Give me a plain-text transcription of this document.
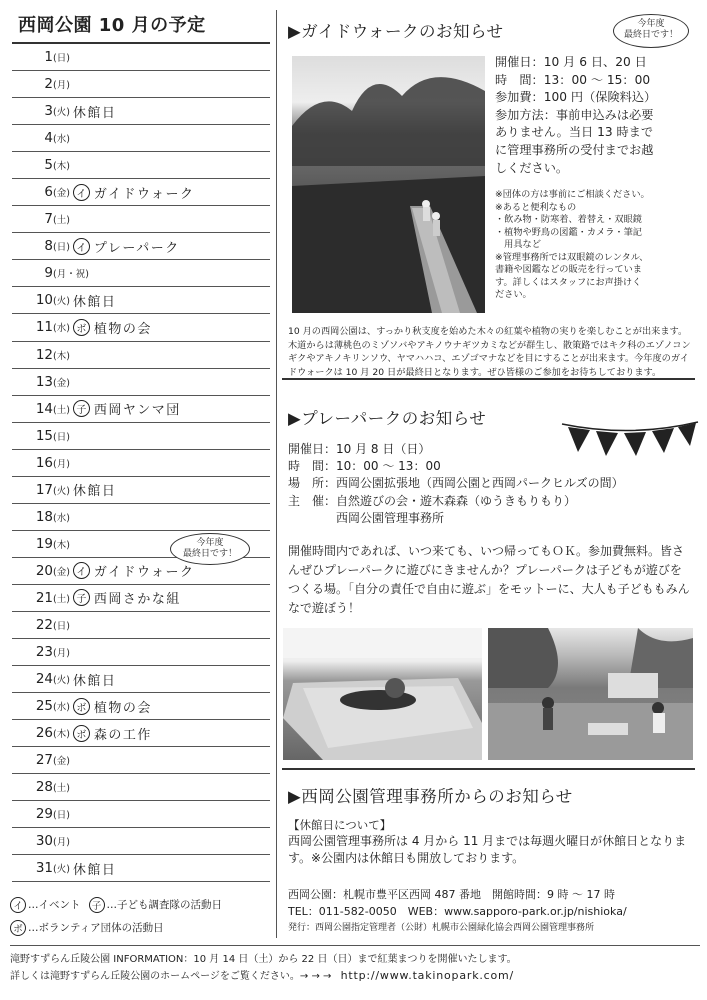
西岡公園 10 月の予定
1 (日)
2 (月)
3 (火) 休館日
4 (水)
5 (木)
6 (金) イ ガイドウォーク
7 (土)
8 (日) イ プレーパーク
9 (月・祝)
10 (火) 休館日
11 (水) ボ 植物の会
12 (木)
13 (金)
14 (土) 子 西岡ヤンマ団
15 (日)
16 (月)
17 (火) 休館日
18 (水)
19 (木)
20 (金) イ ガイドウォーク
21 (土) 子 西岡さかな組
22 (日)
23 (月)
24 (火) 休館日
25 (水) ボ 植物の会
26 (木) ボ 森の工作
27 (金)
28 (土)
29 (日)
30 (月)
31 (火) 休館日
今年度
最終日です！
イ …イベント	子 …子ども調査隊の活動日
ボ …ボランティア団体の活動日
▶ガイドウォークのお知らせ	今年度
最終日です！
開催日：10 月 6 日、20 日
時　間：13：00 〜 15：00
参加費：100 円（保険料込）
参加方法：事前申込みは必要
ありません。当日 13 時まで
に管理事務所の受付までお越
しください。
※団体の方は事前にご相談ください。
※あると便利なもの
・飲み物・防寒着、着替え・双眼鏡
・植物や野鳥の図鑑・カメラ・筆記
　用具など
※管理事務所では双眼鏡のレンタル、
書籍や図鑑などの販売を行っていま
す。詳しくはスタッフにお声掛けく
ださい。
10 月の西岡公園は、すっかり秋支度を始めた木々の紅葉や植物の実りを楽しむことが出来ます。木道からは薄桃色のミゾソバやアキノウナギツカミなどが群生し、散策路ではキク科のエゾノコンギクやアキノキリンソウ、ヤマハハコ、エゾゴマナなどを目にすることが出来ます。今年度のガイドウォークは 10 月 20 日が最終日となります。ぜひ皆様のご参加をお待ちしております。
▶プレーパークのお知らせ
開催日：10 月 8 日（日）
時　間：10：00 〜 13：00
場　所：西岡公園拡張地（西岡公園と西岡パークヒルズの間）
主　催：自然遊びの会・遊木森森（ゆうきもりもり）
　　　　西岡公園管理事務所
開催時間内であれば、いつ来ても、いつ帰ってもＯＫ。参加費無料。皆さんぜひプレーパークに遊びにきませんか？プレーパークは子どもが遊びをつくる場。「自分の責任で自由に遊ぶ」をモットーに、大人も子どももみんなで遊ぼう！
▶西岡公園管理事務所からのお知らせ
【休館日について】
西岡公園管理事務所は 4 月から 11 月までは毎週火曜日が休館日となります。※公園内は休館日も開放しております。
西岡公園：札幌市豊平区西岡 487 番地　開館時間：9 時 〜 17 時
TEL：011-582-0050　WEB：www.sapporo-park.or.jp/nishioka/
発行：西岡公園指定管理者（公財）札幌市公園緑化協会西岡公園管理事務所
滝野すずらん丘陵公園 INFORMATION：10 月 14 日（土）から 22 日（日）まで紅葉まつりを開催いたします。
詳しくは滝野すずらん丘陵公園のホームページをご覧ください。→ → → http://www.takinopark.com/
